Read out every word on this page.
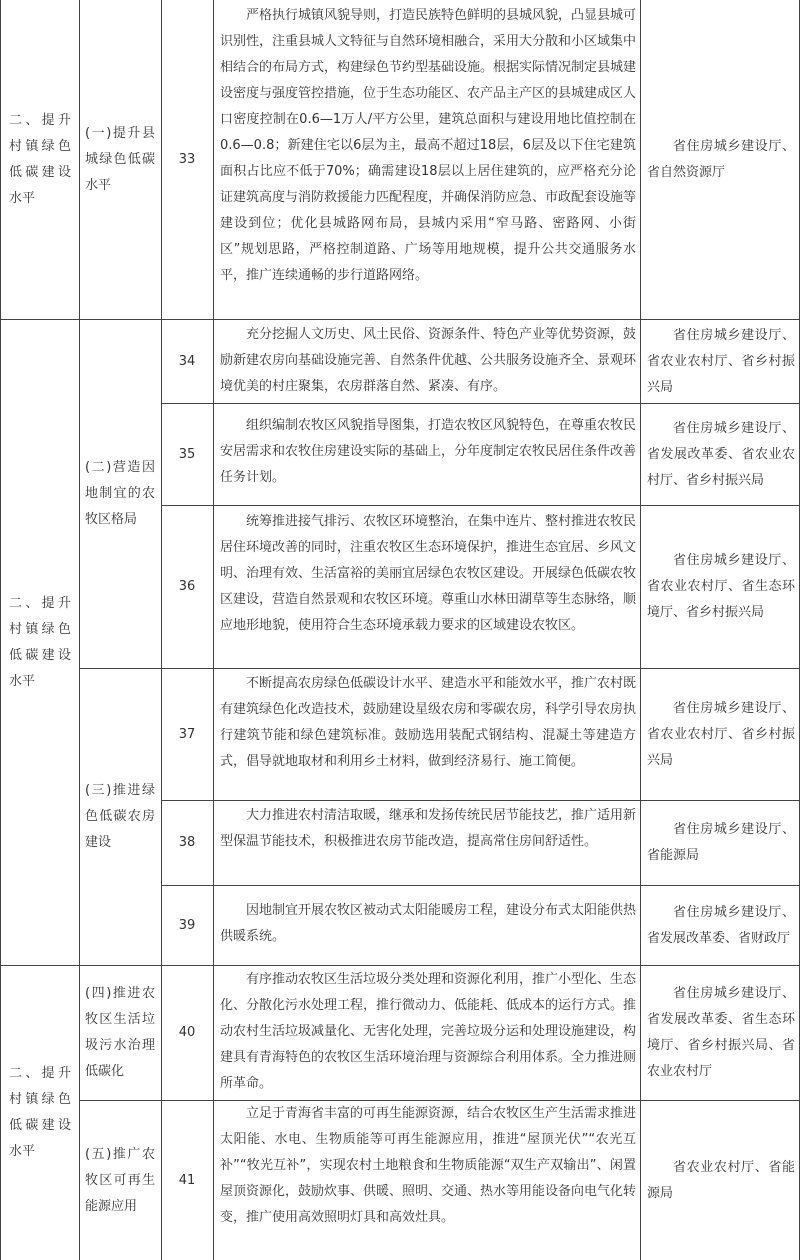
二、提升村镇绿色低碳建设水平
二、提升村镇绿色低碳建设水平
二、提升村镇绿色低碳建设水平
(一)提升县城绿色低碳水平
(二)营造因地制宜的农牧区格局
(三)推进绿色低碳农房建设
(四)推进农牧区生活垃圾污水治理低碳化
(五)推广农牧区可再生能源应用
33
严格执行城镇风貌导则，打造民族特色鲜明的县城风貌，凸显县城可识别性，注重县城人文特征与自然环境相融合，采用大分散和小区域集中相结合的布局方式，构建绿色节约型基础设施。根据实际情况制定县城建设密度与强度管控措施，位于生态功能区、农产品主产区的县城建成区人口密度控制在0.6—1万人/平方公里，建筑总面积与建设用地比值控制在0.6—0.8；新建住宅以6层为主，最高不超过18层，6层及以下住宅建筑面积占比应不低于70%；确需建设18层以上居住建筑的，应严格充分论证建筑高度与消防救援能力匹配程度，并确保消防应急、市政配套设施等建设到位；优化县城路网布局，县城内采用“窄马路、密路网、小街区”规划思路，严格控制道路、广场等用地规模，提升公共交通服务水平，推广连续通畅的步行道路网络。
省住房城乡建设厅、省自然资源厅
34
充分挖掘人文历史、风土民俗、资源条件、特色产业等优势资源，鼓励新建农房向基础设施完善、自然条件优越、公共服务设施齐全、景观环境优美的村庄聚集，农房群落自然、紧凑、有序。
省住房城乡建设厅、省农业农村厅、省乡村振兴局
35
组织编制农牧区风貌指导图集，打造农牧区风貌特色，在尊重农牧民安居需求和农牧住房建设实际的基础上，分年度制定农牧民居住条件改善任务计划。
省住房城乡建设厅、省发展改革委、省农业农村厅、省乡村振兴局
36
统筹推进接气排污、农牧区环境整治，在集中连片、整村推进农牧民居住环境改善的同时，注重农牧区生态环境保护，推进生态宜居、乡风文明、治理有效、生活富裕的美丽宜居绿色农牧区建设。开展绿色低碳农牧区建设，营造自然景观和农牧区环境。尊重山水林田湖草等生态脉络，顺应地形地貌，使用符合生态环境承载力要求的区域建设农牧区。
省住房城乡建设厅、省农业农村厅、省生态环境厅、省乡村振兴局
37
不断提高农房绿色低碳设计水平、建造水平和能效水平，推广农村既有建筑绿色化改造技术，鼓励建设星级农房和零碳农房，科学引导农房执行建筑节能和绿色建筑标准。鼓励选用装配式钢结构、混凝土等建造方式，倡导就地取材和利用乡土材料，做到经济易行、施工简便。
省住房城乡建设厅、省农业农村厅、省乡村振兴局
38
大力推进农村清洁取暖，继承和发扬传统民居节能技艺，推广适用新型保温节能技术，积极推进农房节能改造，提高常住房间舒适性。
省住房城乡建设厅、省能源局
39
因地制宜开展农牧区被动式太阳能暖房工程，建设分布式太阳能供热供暖系统。
省住房城乡建设厅、省发展改革委、省财政厅
40
有序推动农牧区生活垃圾分类处理和资源化利用，推广小型化、生态化、分散化污水处理工程，推行微动力、低能耗、低成本的运行方式。推动农村生活垃圾减量化、无害化处理，完善垃圾分运和处理设施建设，构建具有青海特色的农牧区生活环境治理与资源综合利用体系。全力推进厕所革命。
省住房城乡建设厅、省发展改革委、省生态环境厅、省乡村振兴局、省农业农村厅
41
立足于青海省丰富的可再生能源资源，结合农牧区生产生活需求推进太阳能、水电、生物质能等可再生能源应用，推进“屋顶光伏”“农光互补”“牧光互补”，实现农村土地粮食和生物质能源“双生产双输出”、闲置屋顶资源化，鼓励炊事、供暖、照明、交通、热水等用能设备向电气化转变，推广使用高效照明灯具和高效灶具。
省农业农村厅、省能源局
